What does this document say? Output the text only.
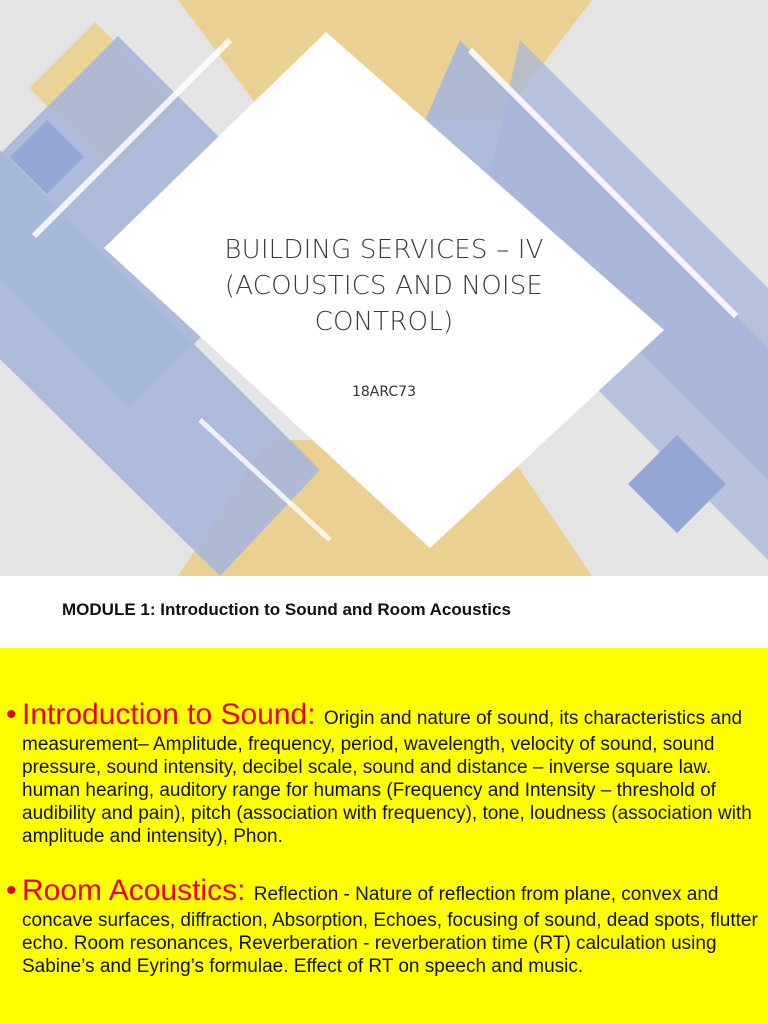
BUILDING SERVICES – IV
(ACOUSTICS AND NOISE
CONTROL)
18ARC73
MODULE 1: Introduction to Sound and Room Acoustics
• Introduction to Sound: Origin and nature of sound, its characteristics and measurement– Amplitude, frequency, period, wavelength, velocity of sound, sound pressure, sound intensity, decibel scale, sound and distance – inverse square law. human hearing, auditory range for humans (Frequency and Intensity – threshold of audibility and pain), pitch (association with frequency), tone, loudness (association with amplitude and intensity), Phon.
• Room Acoustics: Reflection - Nature of reflection from plane, convex and concave surfaces, diffraction, Absorption, Echoes, focusing of sound, dead spots, flutter echo. Room resonances, Reverberation - reverberation time (RT) calculation using Sabine’s and Eyring’s formulae. Effect of RT on speech and music.
